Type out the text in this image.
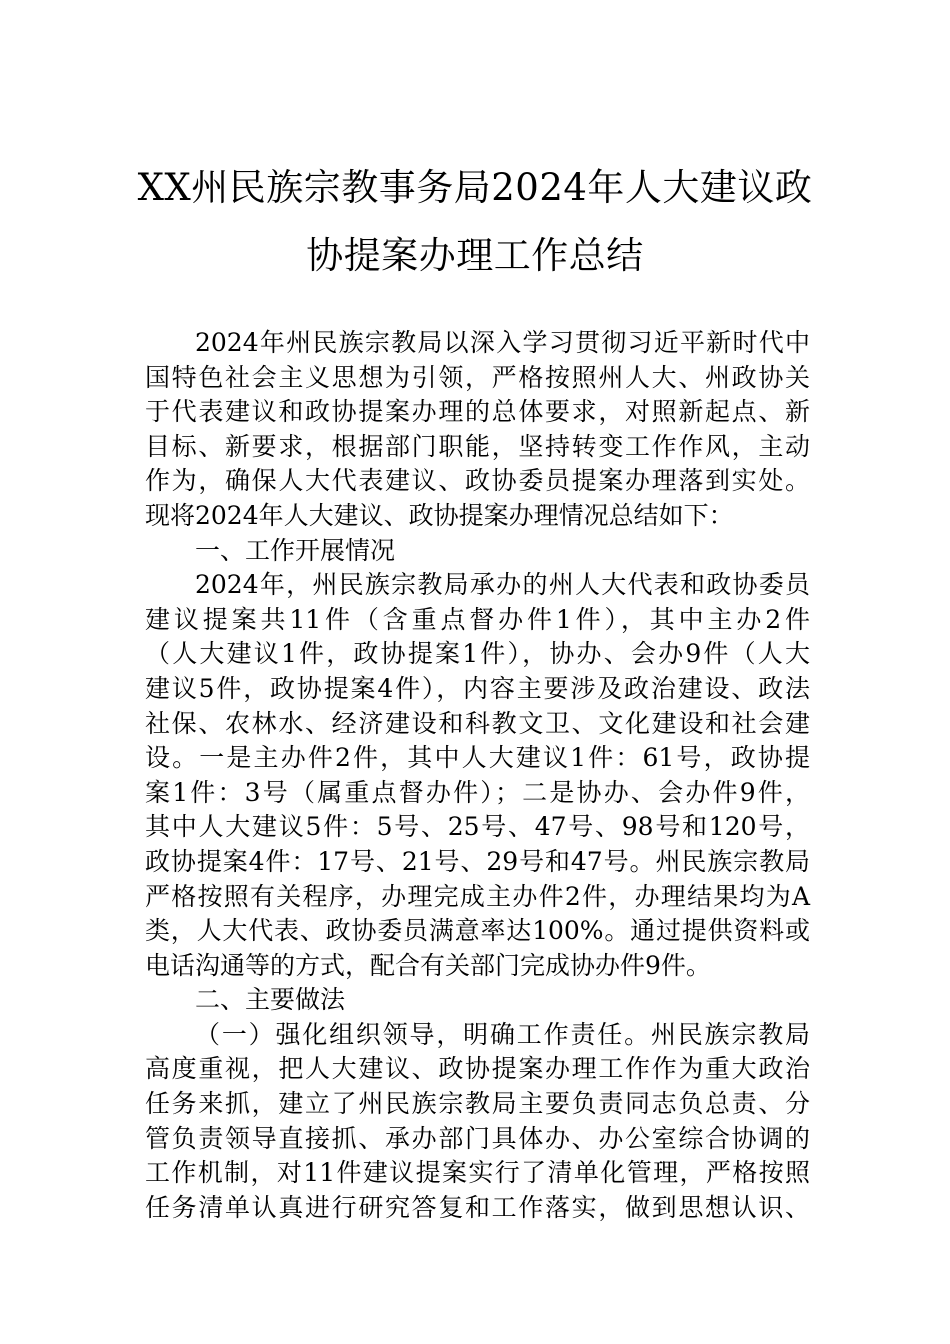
XX州民族宗教事务局2024年人大建议政
协提案办理工作总结
2024年州民族宗教局以深入学习贯彻习近平新时代中
国特色社会主义思想为引领，严格按照州人大、州政协关
于代表建议和政协提案办理的总体要求，对照新起点、新
目标、新要求，根据部门职能，坚持转变工作作风，主动
作为，确保人大代表建议、政协委员提案办理落到实处。
现将2024年人大建议、政协提案办理情况总结如下：
一、工作开展情况
2024年，州民族宗教局承办的州人大代表和政协委员
建议提案共11件（含重点督办件1件），其中主办2件
（人大建议1件，政协提案1件），协办、会办9件（人大
建议5件，政协提案4件），内容主要涉及政治建设、政法
社保、农林水、经济建设和科教文卫、文化建设和社会建
设。一是主办件2件，其中人大建议1件：61号，政协提
案1件：3号（属重点督办件）；二是协办、会办件9件，
其中人大建议5件：5号、25号、47号、98号和120号，
政协提案4件：17号、21号、29号和47号。州民族宗教局
严格按照有关程序，办理完成主办件2件，办理结果均为A
类，人大代表、政协委员满意率达100%。通过提供资料或
电话沟通等的方式，配合有关部门完成协办件9件。
二、主要做法
（一）强化组织领导，明确工作责任。州民族宗教局
高度重视，把人大建议、政协提案办理工作作为重大政治
任务来抓，建立了州民族宗教局主要负责同志负总责、分
管负责领导直接抓、承办部门具体办、办公室综合协调的
工作机制，对11件建议提案实行了清单化管理，严格按照
任务清单认真进行研究答复和工作落实，做到思想认识、
